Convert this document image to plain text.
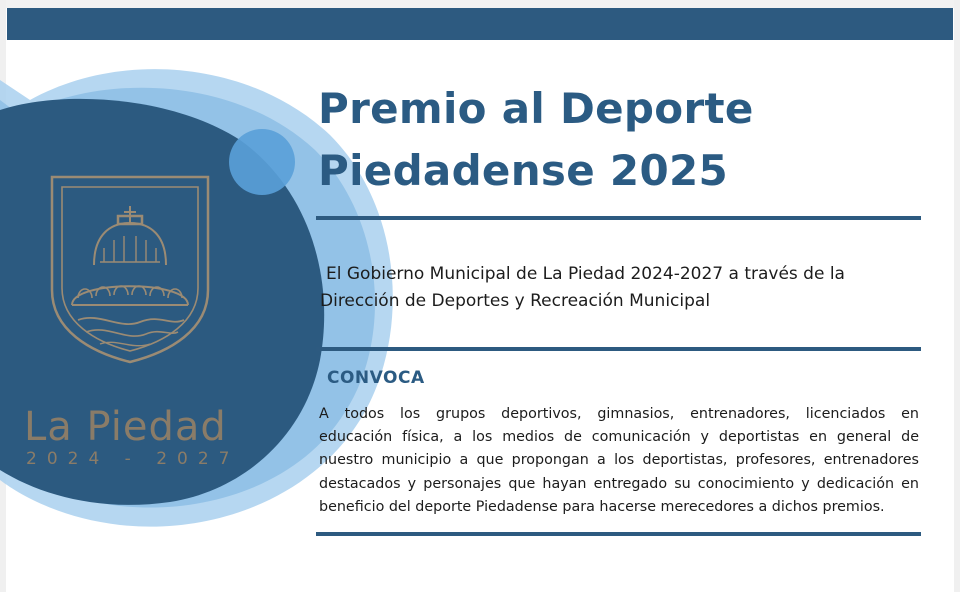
La Piedad
2024 - 2027
Premio al Deporte
Piedadense 2025
El Gobierno Municipal de La Piedad 2024-2027 a través de la
Dirección de Deportes y Recreación Municipal
CONVOCA
A todos los grupos deportivos, gimnasios, entrenadores, licenciados en
educación física, a los medios de comunicación y deportistas en general de
nuestro municipio a que propongan a los deportistas, profesores, entrenadores
destacados y personajes que hayan entregado su conocimiento y dedicación en
beneficio del deporte Piedadense para hacerse merecedores a dichos premios.
